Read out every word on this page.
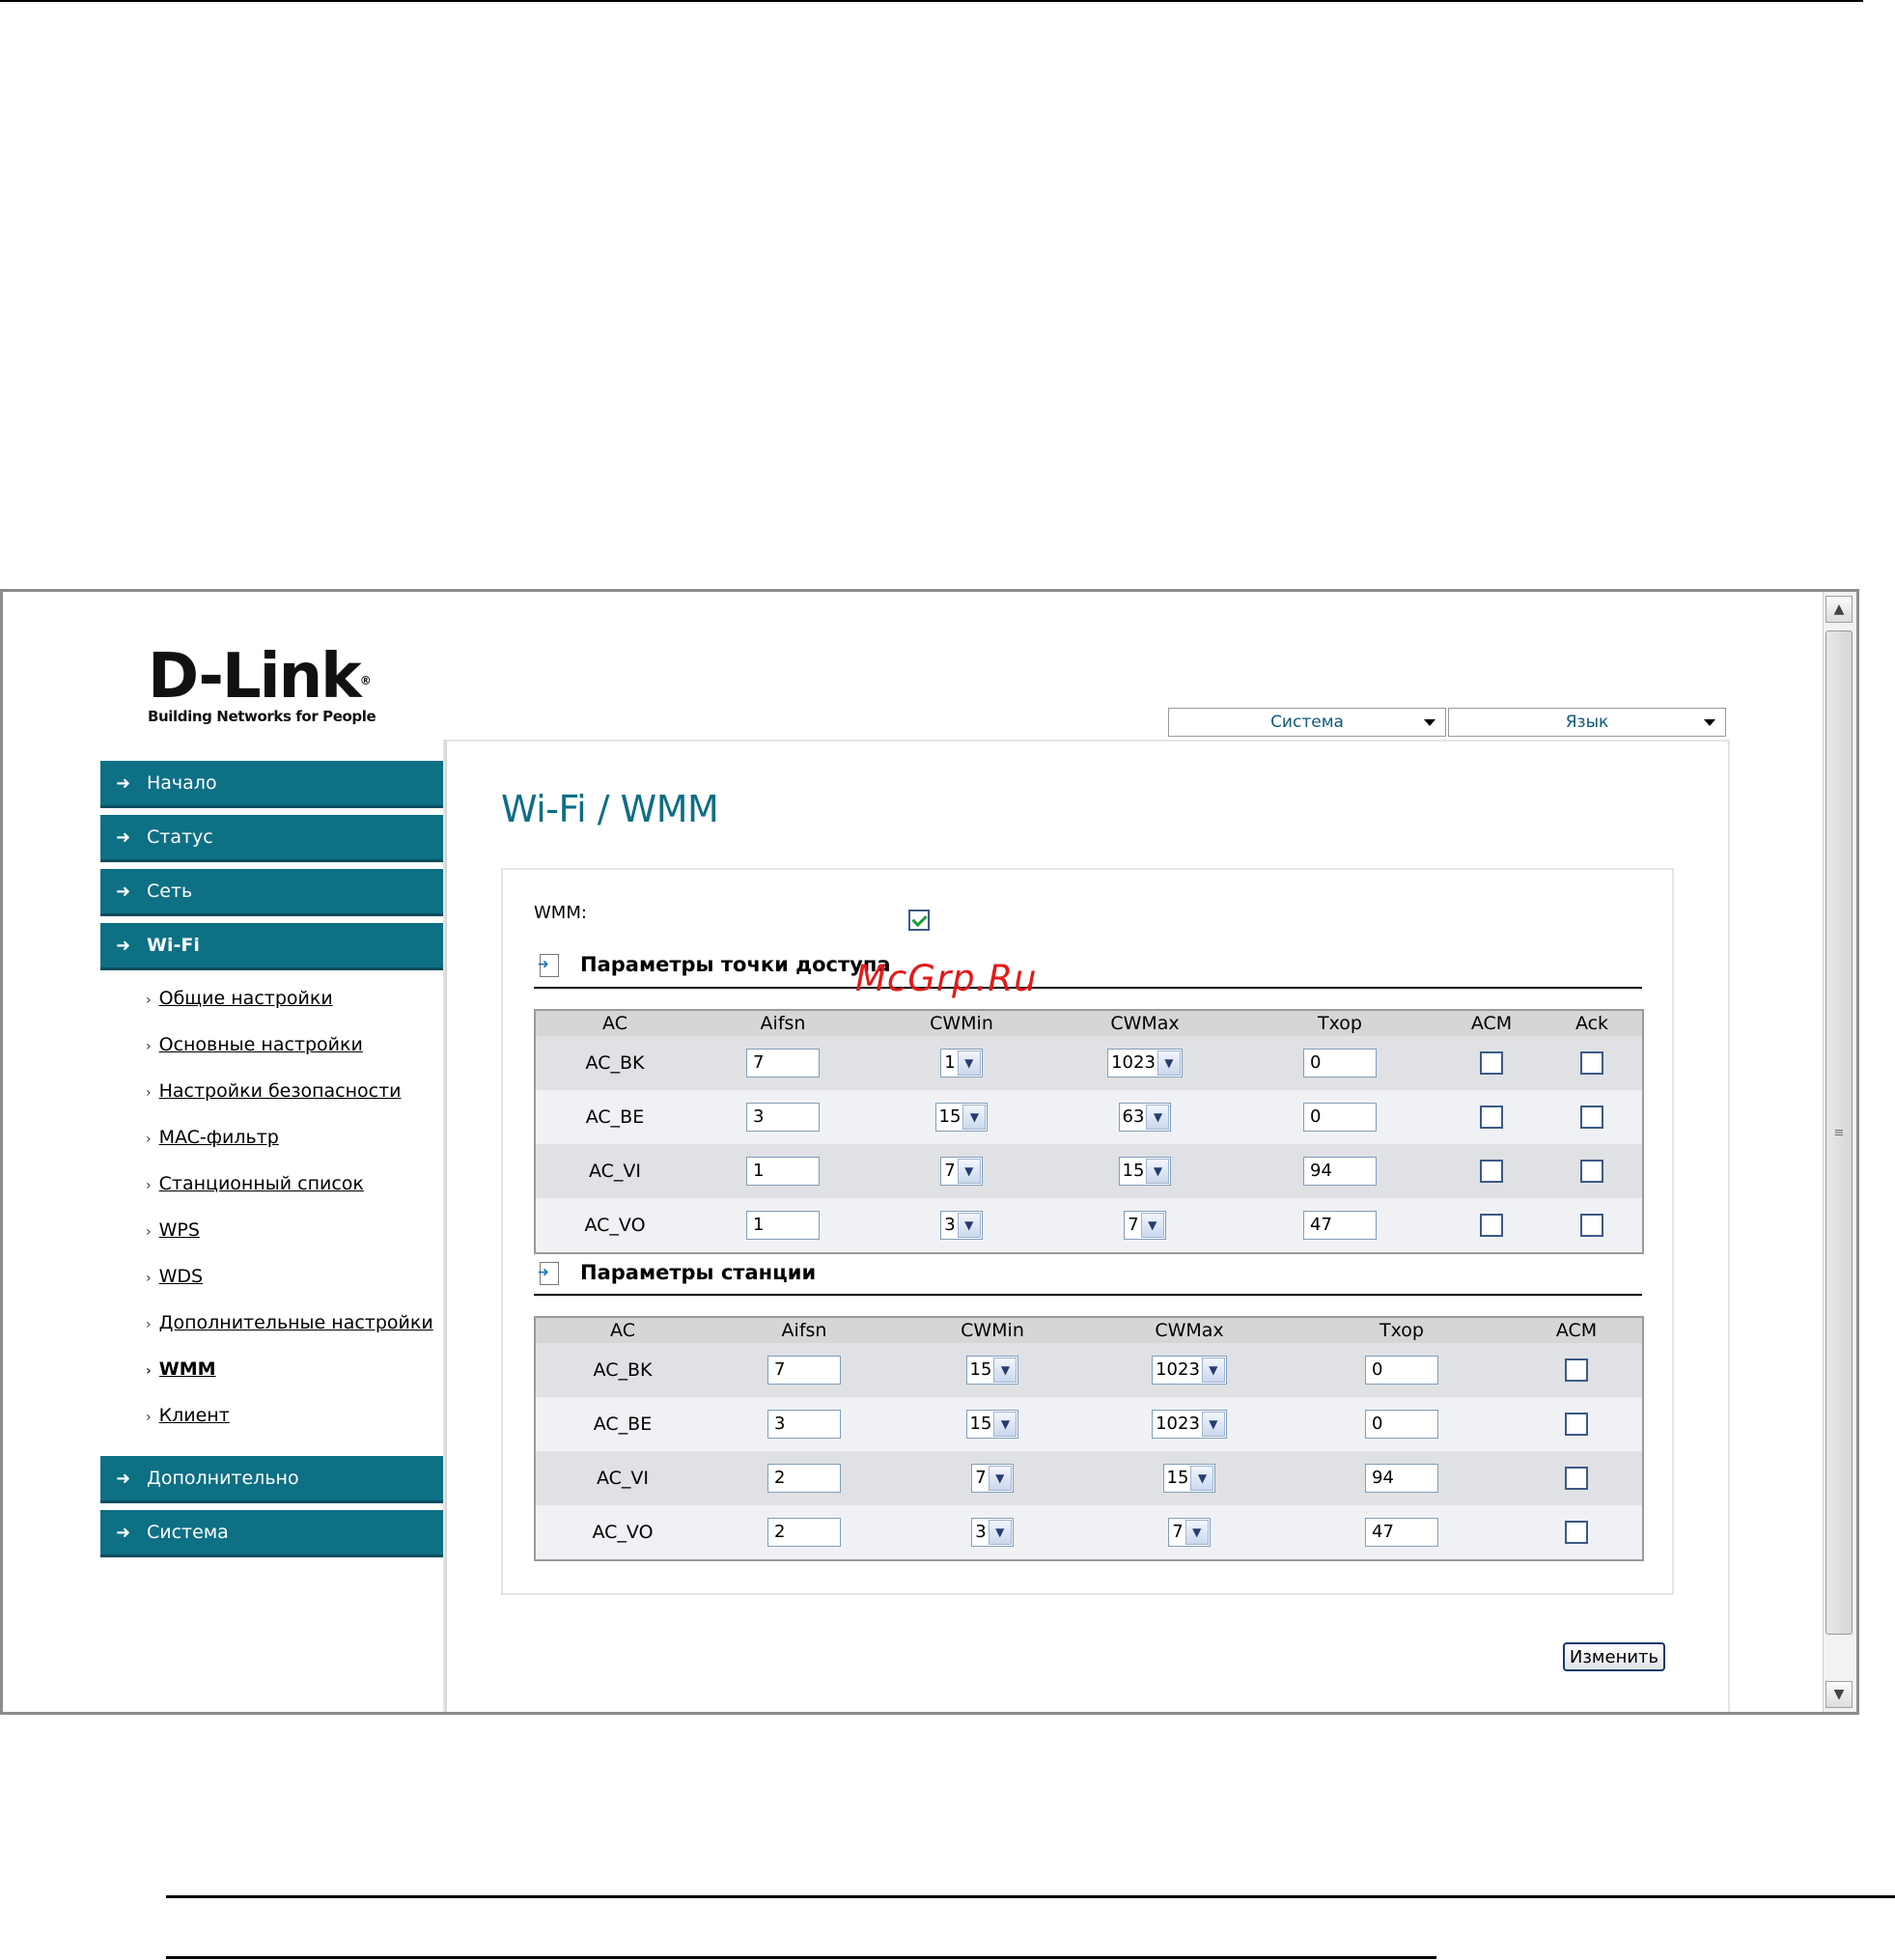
D-Link®
Building Networks for People	Система	Язык
➜ Начало
➜ Статус
➜ Сеть
➜ Wi-Fi
› Общие настройки
› Основные настройки
› Настройки безопасности
› MAC-фильтр
› Станционный список
› WPS
› WDS
› Дополнительные настройки
› WMM
› Клиент
➜ Дополнительно
➜ Система
Wi-Fi / WMM
WMM:
➜
Параметры точки доступа
AC	Aifsn	CWMin	CWMax	Txop	ACM	Ack
AC_BK	7	1 ▼	1023 ▼	0		
AC_BE	3	15 ▼	63 ▼	0		
AC_VI	1	7 ▼	15 ▼	94		
AC_VO	1	3 ▼	7 ▼	47		
➜
Параметры станции
AC	Aifsn	CWMin	CWMax	Txop	ACM
AC_BK	7	15 ▼	1023 ▼	0	
AC_BE	3	15 ▼	1023 ▼	0	
AC_VI	2	7 ▼	15 ▼	94	
AC_VO	2	3 ▼	7 ▼	47	
Изменить
▲
≡
▼
McGrp.Ru
